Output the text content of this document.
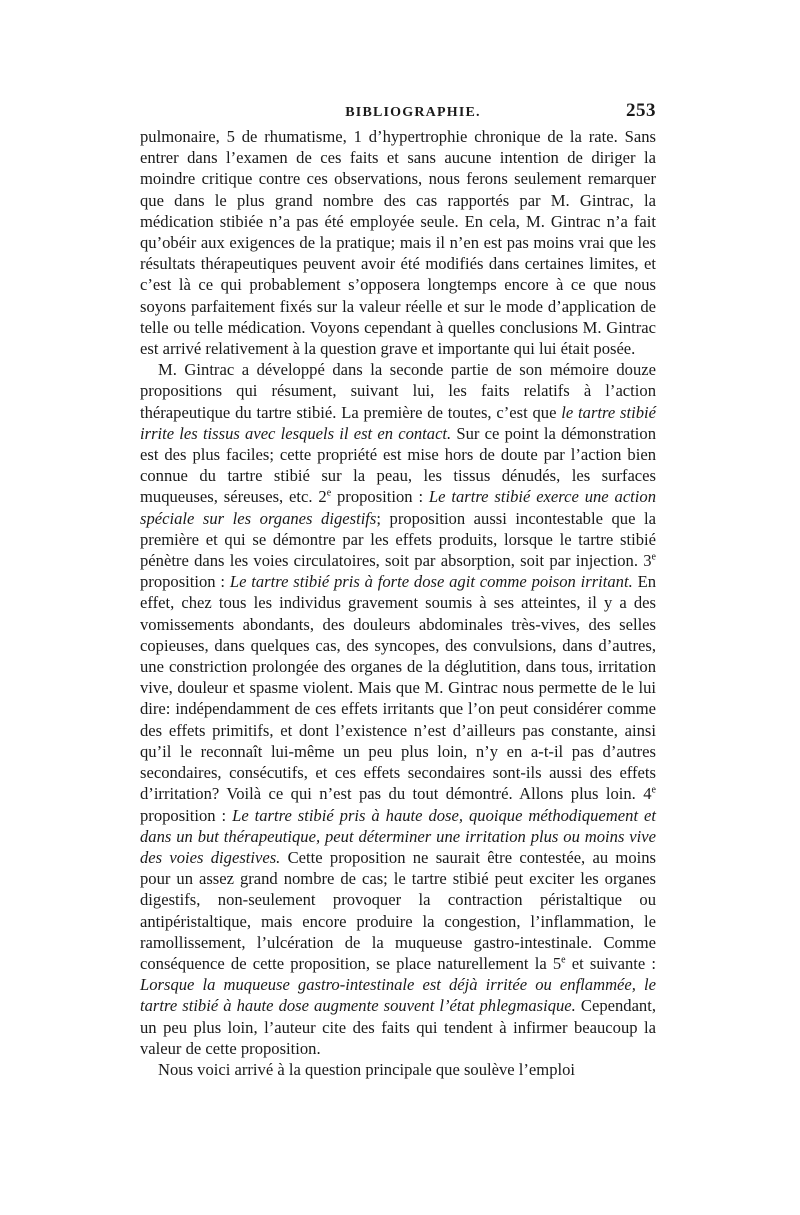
BIBLIOGRAPHIE.	253

pulmonaire, 5 de rhumatisme, 1 d’hypertrophie chronique de la rate. Sans entrer dans l’examen de ces faits et sans aucune intention de diriger la moindre critique contre ces observations, nous ferons seulement remarquer que dans le plus grand nombre des cas rapportés par M. Gintrac, la médication stibiée n’a pas été employée seule. En cela, M. Gintrac n’a fait qu’obéir aux exigences de la pratique; mais il n’en est pas moins vrai que les résultats thérapeutiques peuvent avoir été modifiés dans certaines limites, et c’est là ce qui probablement s’opposera longtemps encore à ce que nous soyons parfaitement fixés sur la valeur réelle et sur le mode d’application de telle ou telle médication. Voyons cependant à quelles conclusions M. Gintrac est arrivé relativement à la question grave et importante qui lui était posée.

M. Gintrac a développé dans la seconde partie de son mémoire douze propositions qui résument, suivant lui, les faits relatifs à l’action thérapeutique du tartre stibié. La première de toutes, c’est que le tartre stibié irrite les tissus avec lesquels il est en contact. Sur ce point la démonstration est des plus faciles; cette propriété est mise hors de doute par l’action bien connue du tartre stibié sur la peau, les tissus dénudés, les surfaces muqueuses, séreuses, etc. 2e proposition : Le tartre stibié exerce une action spéciale sur les organes digestifs; proposition aussi incontestable que la première et qui se démontre par les effets produits, lorsque le tartre stibié pénètre dans les voies circulatoires, soit par absorption, soit par injection. 3e proposition : Le tartre stibié pris à forte dose agit comme poison irritant. En effet, chez tous les individus gravement soumis à ses atteintes, il y a des vomissements abondants, des douleurs abdominales très-vives, des selles copieuses, dans quelques cas, des syncopes, des convulsions, dans d’autres, une constriction prolongée des organes de la déglutition, dans tous, irritation vive, douleur et spasme violent. Mais que M. Gintrac nous permette de le lui dire: indépendamment de ces effets irritants que l’on peut considérer comme des effets primitifs, et dont l’existence n’est d’ailleurs pas constante, ainsi qu’il le reconnaît lui-même un peu plus loin, n’y en a-t-il pas d’autres secondaires, consécutifs, et ces effets secondaires sont-ils aussi des effets d’irritation? Voilà ce qui n’est pas du tout démontré. Allons plus loin. 4e proposition : Le tartre stibié pris à haute dose, quoique méthodiquement et dans un but thérapeutique, peut déterminer une irritation plus ou moins vive des voies digestives. Cette proposition ne saurait être contestée, au moins pour un assez grand nombre de cas; le tartre stibié peut exciter les organes digestifs, non-seulement provoquer la contraction péristaltique ou antipéristaltique, mais encore produire la congestion, l’inflammation, le ramollissement, l’ulcération de la muqueuse gastro-intestinale. Comme conséquence de cette proposition, se place naturellement la 5e et suivante : Lorsque la muqueuse gastro-intestinale est déjà irritée ou enflammée, le tartre stibié à haute dose augmente souvent l’état phlegmasique. Cependant, un peu plus loin, l’auteur cite des faits qui tendent à infirmer beaucoup la valeur de cette proposition.

Nous voici arrivé à la question principale que soulève l’emploi
